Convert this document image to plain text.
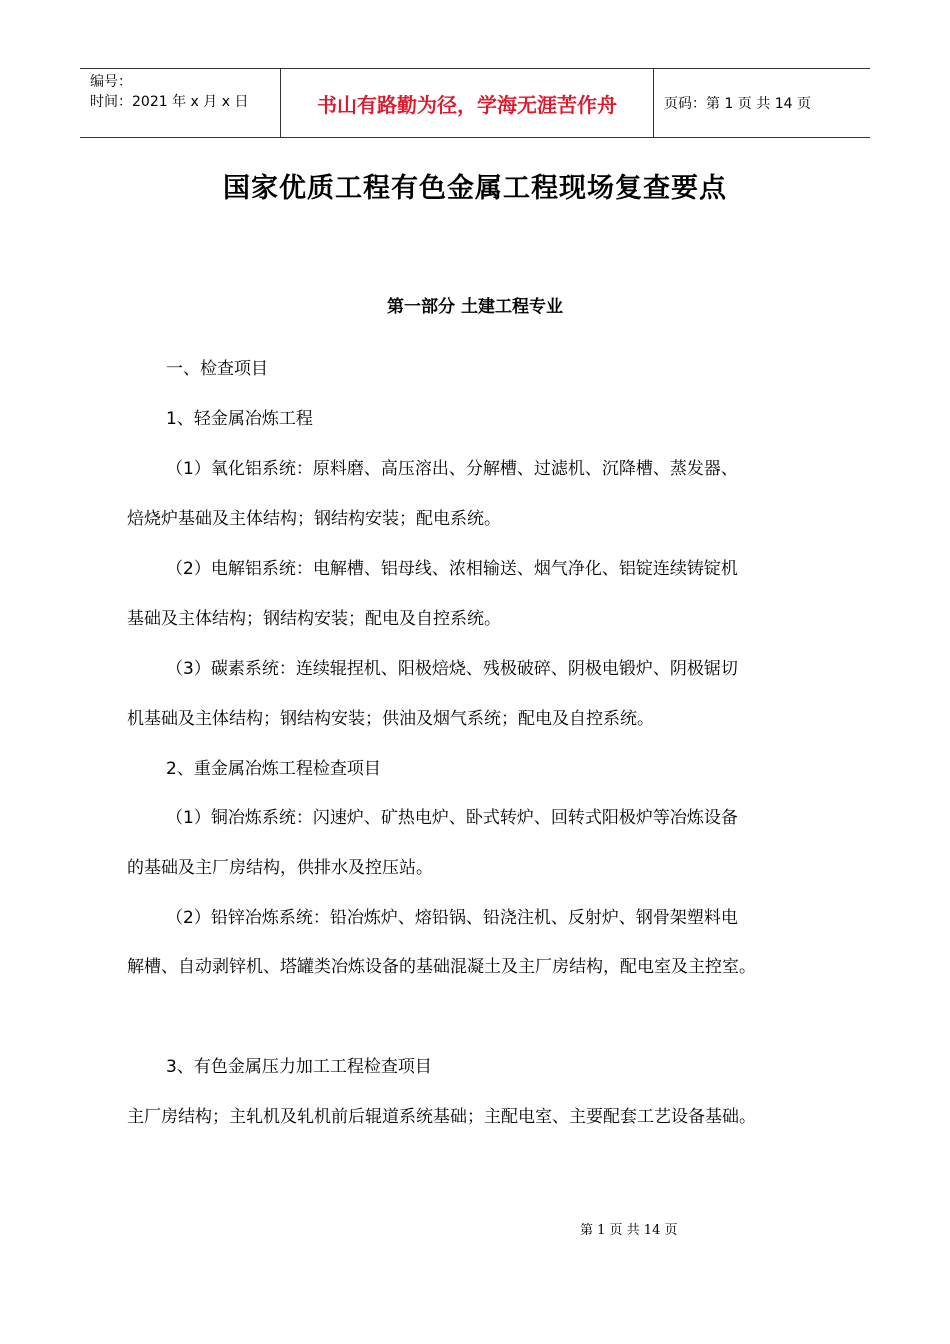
编号：
时间：2021 年 x 月 x 日	书山有路勤为径，学海无涯苦作舟	页码：第 1 页 共 14 页
国家优质工程有色金属工程现场复查要点
第一部分 土建工程专业

一、检查项目

1、轻金属冶炼工程

（1）氧化铝系统：原料磨、高压溶出、分解槽、过滤机、沉降槽、蒸发器、

焙烧炉基础及主体结构；钢结构安装；配电系统。

（2）电解铝系统：电解槽、铝母线、浓相输送、烟气净化、铝锭连续铸锭机

基础及主体结构；钢结构安装；配电及自控系统。

（3）碳素系统：连续辊捏机、阳极焙烧、残极破碎、阴极电锻炉、阴极锯切

机基础及主体结构；钢结构安装；供油及烟气系统；配电及自控系统。

2、重金属冶炼工程检查项目

（1）铜冶炼系统：闪速炉、矿热电炉、卧式转炉、回转式阳极炉等冶炼设备

的基础及主厂房结构，供排水及控压站。

（2）铅锌冶炼系统：铅冶炼炉、熔铅锅、铅浇注机、反射炉、钢骨架塑料电

解槽、自动剥锌机、塔罐类冶炼设备的基础混凝土及主厂房结构，配电室及主控室。

3、有色金属压力加工工程检查项目

主厂房结构；主轧机及轧机前后辊道系统基础；主配电室、主要配套工艺设备基础。

第 1 页 共 14 页
